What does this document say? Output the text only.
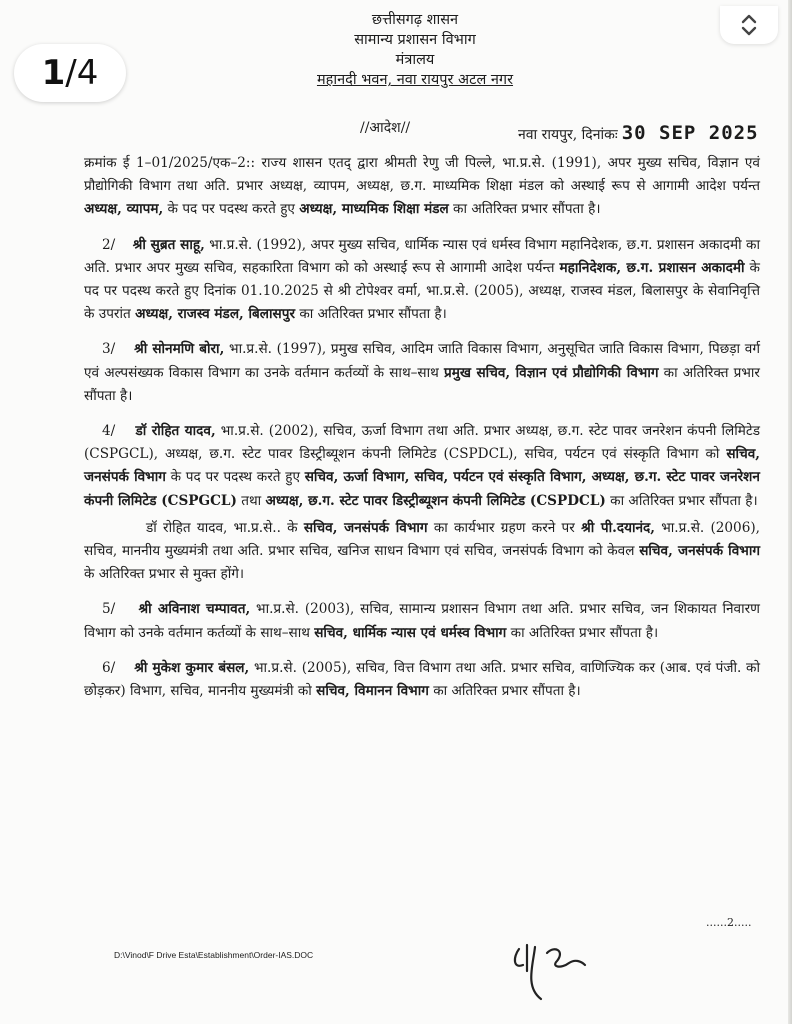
1 /4
छत्तीसगढ़ शासन
सामान्य प्रशासन विभाग
मंत्रालय
महानदी भवन, नवा रायपुर अटल नगर
//आदेश//	नवा रायपुर, दिनांकः 30 SEP 2025

क्रमांक ई 1–01/2025/एक–2:: राज्य शासन एतद् द्वारा श्रीमती रेणु जी पिल्ले, भा.प्र.से. (1991), अपर मुख्य सचिव, विज्ञान एवं प्रौद्योगिकी विभाग तथा अति. प्रभार अध्यक्ष, व्यापम, अध्यक्ष, छ.ग. माध्यमिक शिक्षा मंडल को अस्थाई रूप से आगामी आदेश पर्यन्त अध्यक्ष, व्यापम, के पद पर पदस्थ करते हुए अध्यक्ष, माध्यमिक शिक्षा मंडल का अतिरिक्त प्रभार सौंपता है।

2/ श्री सुब्रत साहू, भा.प्र.से. (1992), अपर मुख्य सचिव, धार्मिक न्यास एवं धर्मस्व विभाग महानिदेशक, छ.ग. प्रशासन अकादमी का अति. प्रभार अपर मुख्य सचिव, सहकारिता विभाग को को अस्थाई रूप से आगामी आदेश पर्यन्त महानिदेशक, छ.ग. प्रशासन अकादमी के पद पर पदस्थ करते हुए दिनांक 01.10.2025 से श्री टोपेश्वर वर्मा, भा.प्र.से. (2005), अध्यक्ष, राजस्व मंडल, बिलासपुर के सेवानिवृत्ति के उपरांत अध्यक्ष, राजस्व मंडल, बिलासपुर का अतिरिक्त प्रभार सौंपता है।

3/ श्री सोनमणि बोरा, भा.प्र.से. (1997), प्रमुख सचिव, आदिम जाति विकास विभाग, अनुसूचित जाति विकास विभाग, पिछड़ा वर्ग एवं अल्पसंख्यक विकास विभाग का उनके वर्तमान कर्तव्यों के साथ–साथ प्रमुख सचिव, विज्ञान एवं प्रौद्योगिकी विभाग का अतिरिक्त प्रभार सौंपता है।

4/ डॉ रोहित यादव, भा.प्र.से. (2002), सचिव, ऊर्जा विभाग तथा अति. प्रभार अध्यक्ष, छ.ग. स्टेट पावर जनरेशन कंपनी लिमिटेड (CSPGCL), अध्यक्ष, छ.ग. स्टेट पावर डिस्ट्रीब्यूशन कंपनी लिमिटेड (CSPDCL), सचिव, पर्यटन एवं संस्कृति विभाग को सचिव, जनसंपर्क विभाग के पद पर पदस्थ करते हुए सचिव, ऊर्जा विभाग, सचिव, पर्यटन एवं संस्कृति विभाग, अध्यक्ष, छ.ग. स्टेट पावर जनरेशन कंपनी लिमिटेड (CSPGCL) तथा अध्यक्ष, छ.ग. स्टेट पावर डिस्ट्रीब्यूशन कंपनी लिमिटेड (CSPDCL) का अतिरिक्त प्रभार सौंपता है।

डॉ रोहित यादव, भा.प्र.से.. के सचिव, जनसंपर्क विभाग का कार्यभार ग्रहण करने पर श्री पी.दयानंद, भा.प्र.से. (2006), सचिव, माननीय मुख्यमंत्री तथा अति. प्रभार सचिव, खनिज साधन विभाग एवं सचिव, जनसंपर्क विभाग को केवल सचिव, जनसंपर्क विभाग के अतिरिक्त प्रभार से मुक्त होंगे।

5/ श्री अविनाश चम्पावत, भा.प्र.से. (2003), सचिव, सामान्य प्रशासन विभाग तथा अति. प्रभार सचिव, जन शिकायत निवारण विभाग को उनके वर्तमान कर्तव्यों के साथ–साथ सचिव, धार्मिक न्यास एवं धर्मस्व विभाग का अतिरिक्त प्रभार सौंपता है।

6/ श्री मुकेश कुमार बंसल, भा.प्र.से. (2005), सचिव, वित्त विभाग तथा अति. प्रभार सचिव, वाणिज्यिक कर (आब. एवं पंजी. को छोड़कर) विभाग, सचिव, माननीय मुख्यमंत्री को सचिव, विमानन विभाग का अतिरिक्त प्रभार सौंपता है।

......2.....
D:\Vinod\F Drive Esta\Establishment\Order-IAS.DOC
